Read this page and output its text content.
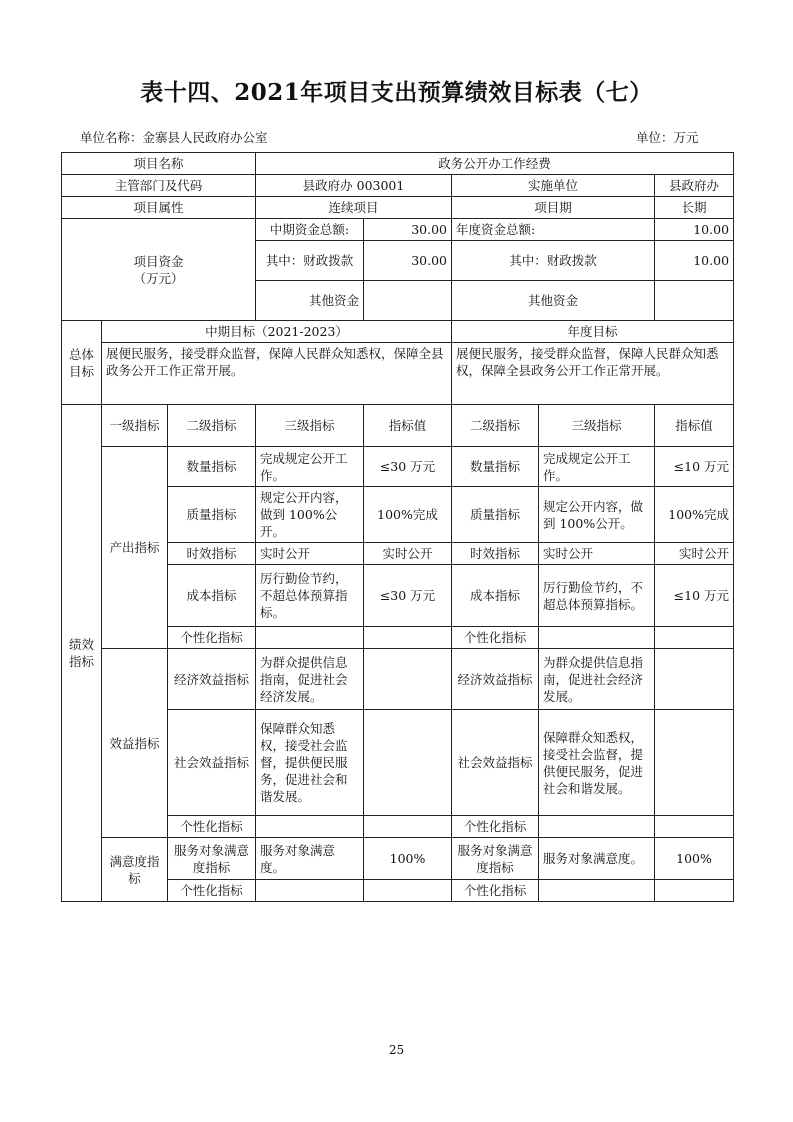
表十四、2021年项目支出预算绩效目标表（七）
单位名称：金寨县人民政府办公室	单位：万元
项目名称			政务公开办工作经费				
主管部门及代码			县政府办 003001		实施单位		县政府办
项目属性			连续项目		项目期		长期

项目资金
（万元）			中期资金总额:	30.00	年度资金总额:		10.00
			其中：财政拨款	30.00	其中：财政拨款		10.00
			其他资金		其他资金		
总体目标	中期目标（2021-2023）				年度目标		
	展便民服务，接受群众监督，保障人民群众知悉权，保障全县政务公开工作正常开展。				展便民服务，接受群众监督，保障人民群众知悉权，保障全县政务公开工作正常开展。		
绩效指标	一级指标	二级指标	三级指标	指标值	二级指标	三级指标	指标值
	产出指标	数量指标	完成规定公开工作。	≤30 万元	数量指标	完成规定公开工作。	≤10 万元
		质量指标	规定公开内容，做到 100%公开。	100%完成	质量指标	规定公开内容，做到 100%公开。	100%完成
		时效指标	实时公开	实时公开	时效指标	实时公开	实时公开
		成本指标	厉行勤俭节约，不超总体预算指标。	≤30 万元	成本指标	厉行勤俭节约，不超总体预算指标。	≤10 万元
		个性化指标			个性化指标		
	效益指标	经济效益指标	为群众提供信息指南，促进社会经济发展。		经济效益指标	为群众提供信息指南，促进社会经济发展。	
		社会效益指标	保障群众知悉权，接受社会监督，提供便民服务，促进社会和谐发展。		社会效益指标	保障群众知悉权，接受社会监督，提供便民服务，促进社会和谐发展。	
		个性化指标			个性化指标		
	满意度指标	服务对象满意度指标	服务对象满意度。	100%	服务对象满意度指标	服务对象满意度。	100%
		个性化指标			个性化指标		
25
